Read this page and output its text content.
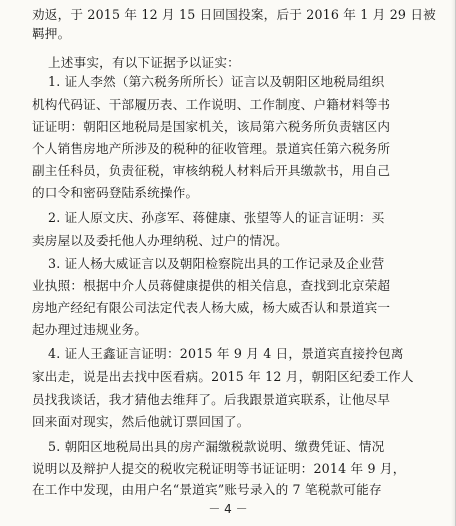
劝返，于 2015 年 12 月 15 日回国投案，后于 2016 年 1 月 29 日被
羁押。
上述事实，有以下证据予以证实：
1. 证人李然（第六税务所所长）证言以及朝阳区地税局组织
机构代码证、干部履历表、工作说明、工作制度、户籍材料等书
证证明：朝阳区地税局是国家机关，该局第六税务所负责辖区内
个人销售房地产所涉及的税种的征收管理。景道宾任第六税务所
副主任科员，负责征税，审核纳税人材料后开具缴款书，用自己
的口令和密码登陆系统操作。
2. 证人原文庆、孙彦军、蒋健康、张望等人的证言证明：买
卖房屋以及委托他人办理纳税、过户的情况。
3. 证人杨大威证言以及朝阳检察院出具的工作记录及企业营
业执照：根据中介人员蒋健康提供的相关信息，查找到北京荣超
房地产经纪有限公司法定代表人杨大威，杨大威否认和景道宾一
起办理过违规业务。
4. 证人王鑫证言证明：2015 年 9 月 4 日，景道宾直接拎包离
家出走，说是出去找中医看病。2015 年 12 月，朝阳区纪委工作人
员找我谈话，我才猜他去维拜了。后我跟景道宾联系，让他尽早
回来面对现实，然后他就订票回国了。
5. 朝阳区地税局出具的房产漏缴税款说明、缴费凭证、情况
说明以及辩护人提交的税收完税证明等书证证明：2014 年 9 月，
在工作中发现，由用户名“景道宾”账号录入的 7 笔税款可能存
－ 4 －
